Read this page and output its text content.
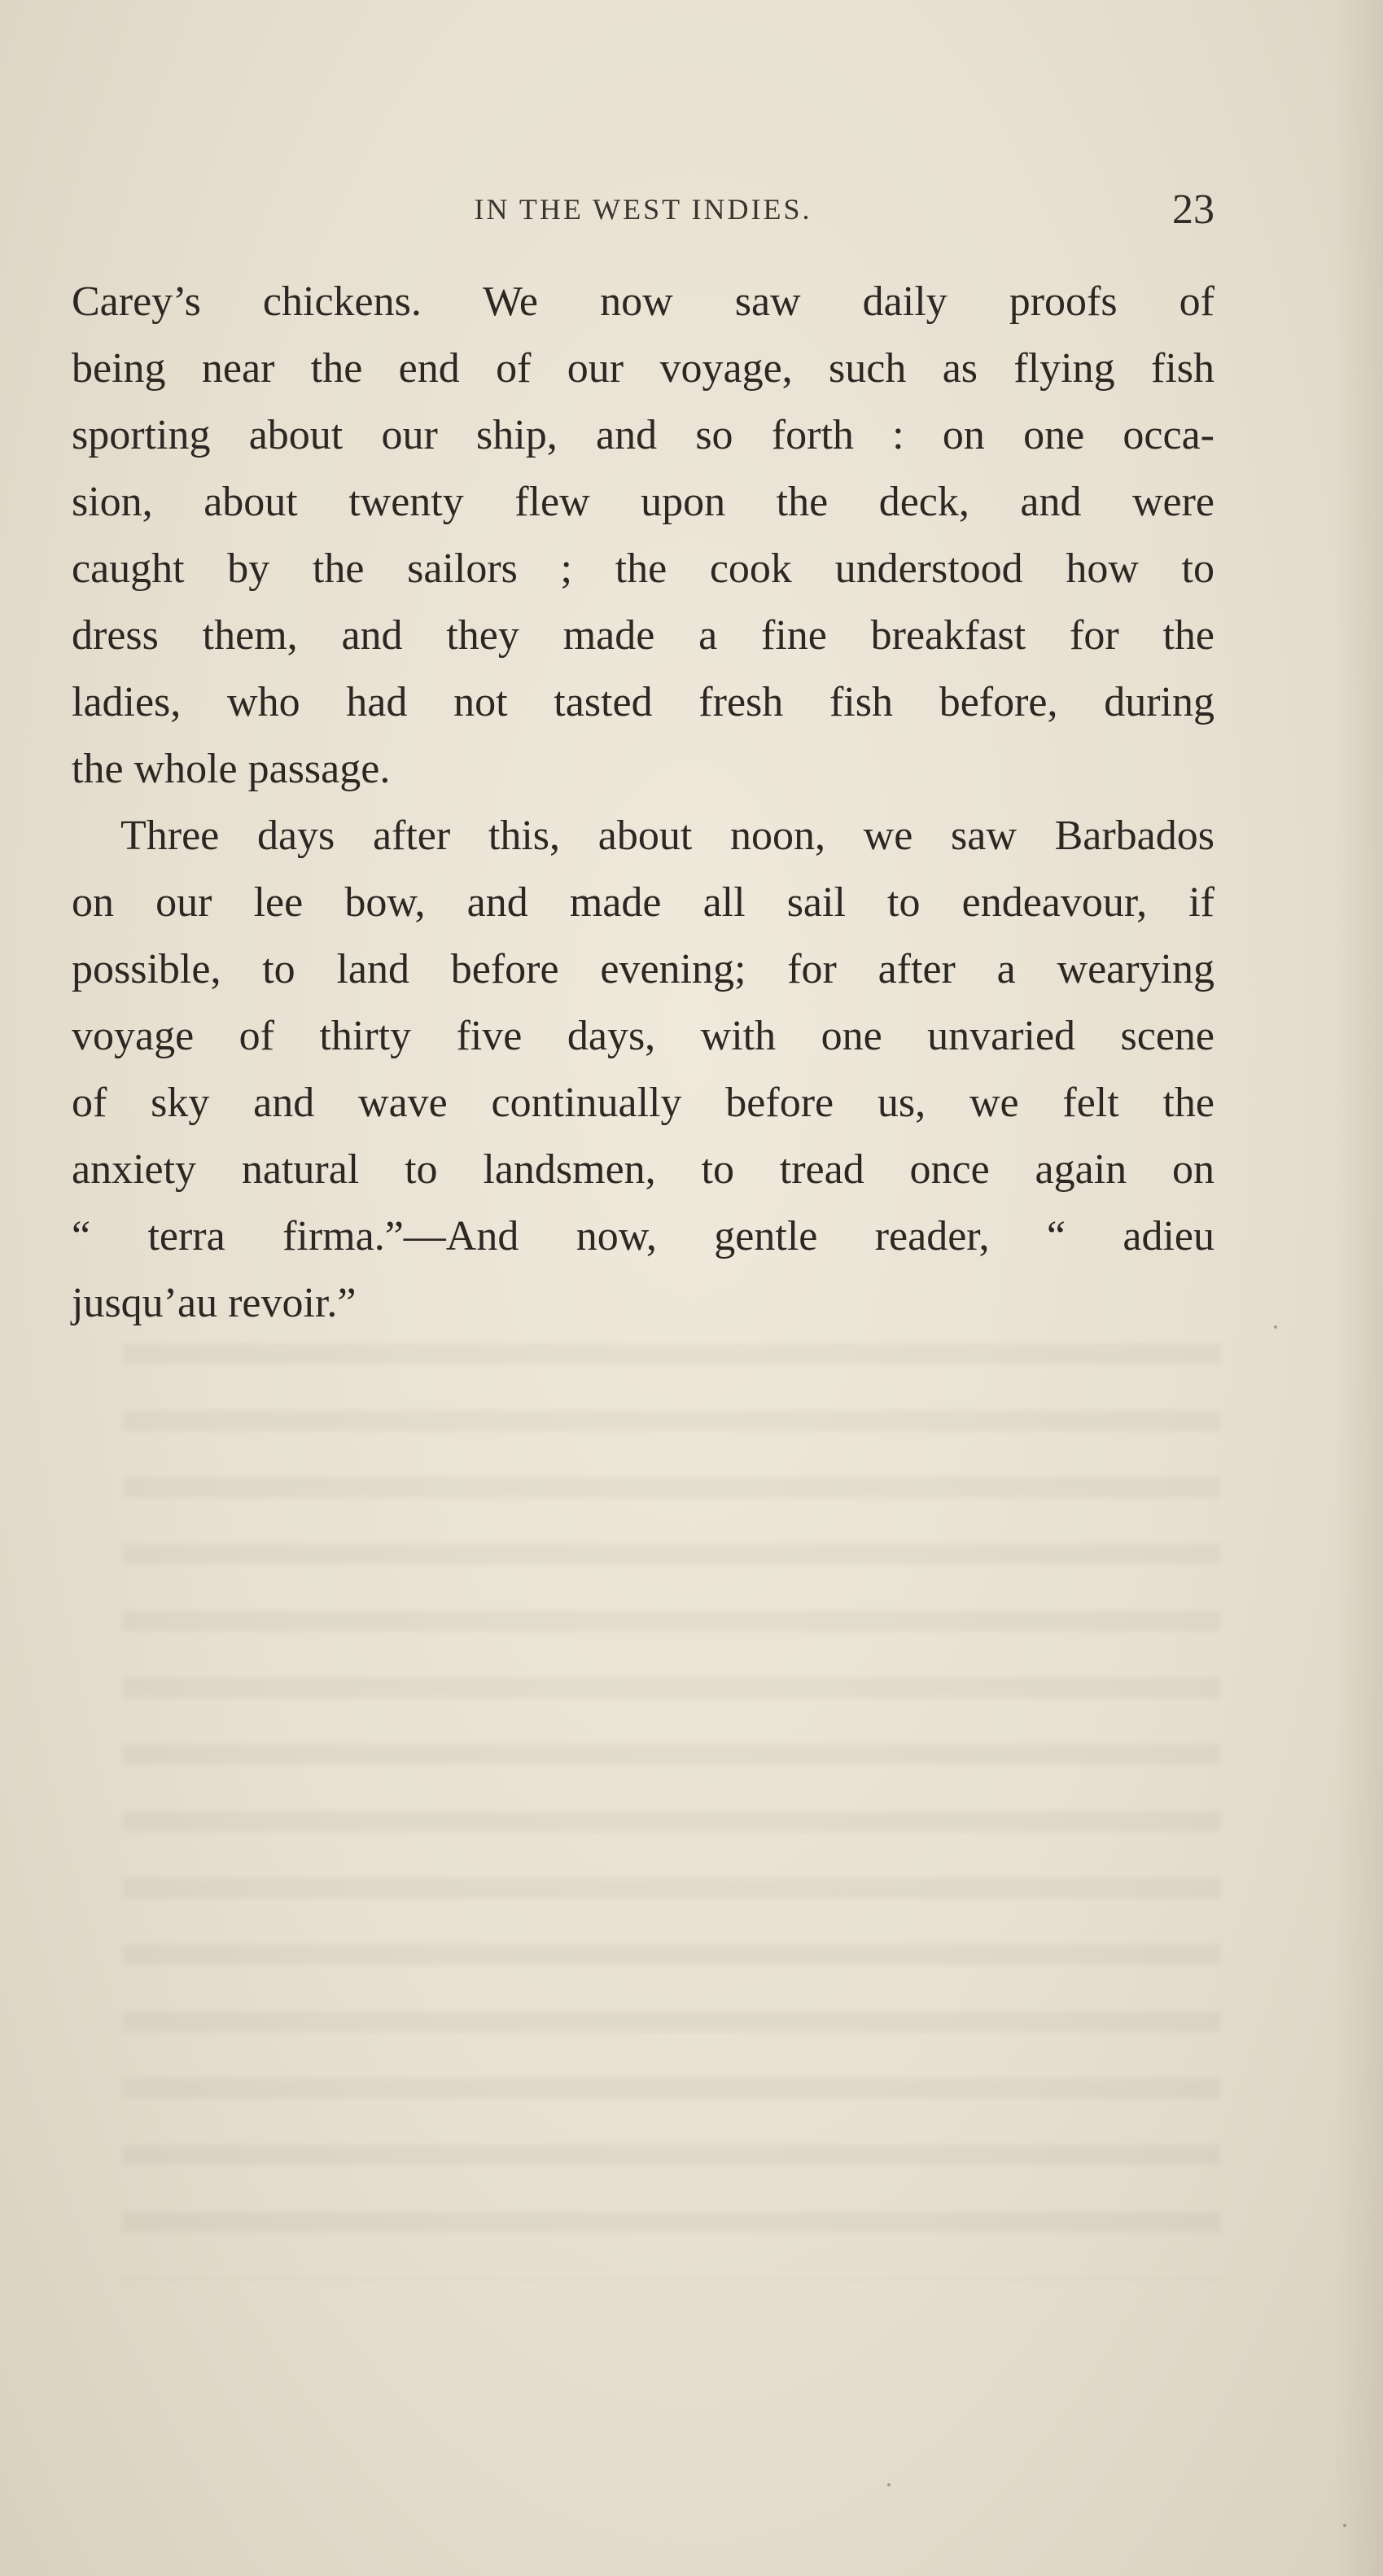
IN THE WEST INDIES.	23
Carey’s chickens. We now saw daily proofs of
being near the end of our voyage, such as flying fish
sporting about our ship, and so forth : on one occa-
sion, about twenty flew upon the deck, and were
caught by the sailors ; the cook understood how to
dress them, and they made a fine breakfast for the
ladies, who had not tasted fresh fish before, during
the whole passage.
Three days after this, about noon, we saw Barbados
on our lee bow, and made all sail to endeavour, if
possible, to land before evening; for after a wearying
voyage of thirty five days, with one unvaried scene
of sky and wave continually before us, we felt the
anxiety natural to landsmen, to tread once again on
“ terra firma.”—And now, gentle reader, “ adieu
jusqu’au revoir.”
